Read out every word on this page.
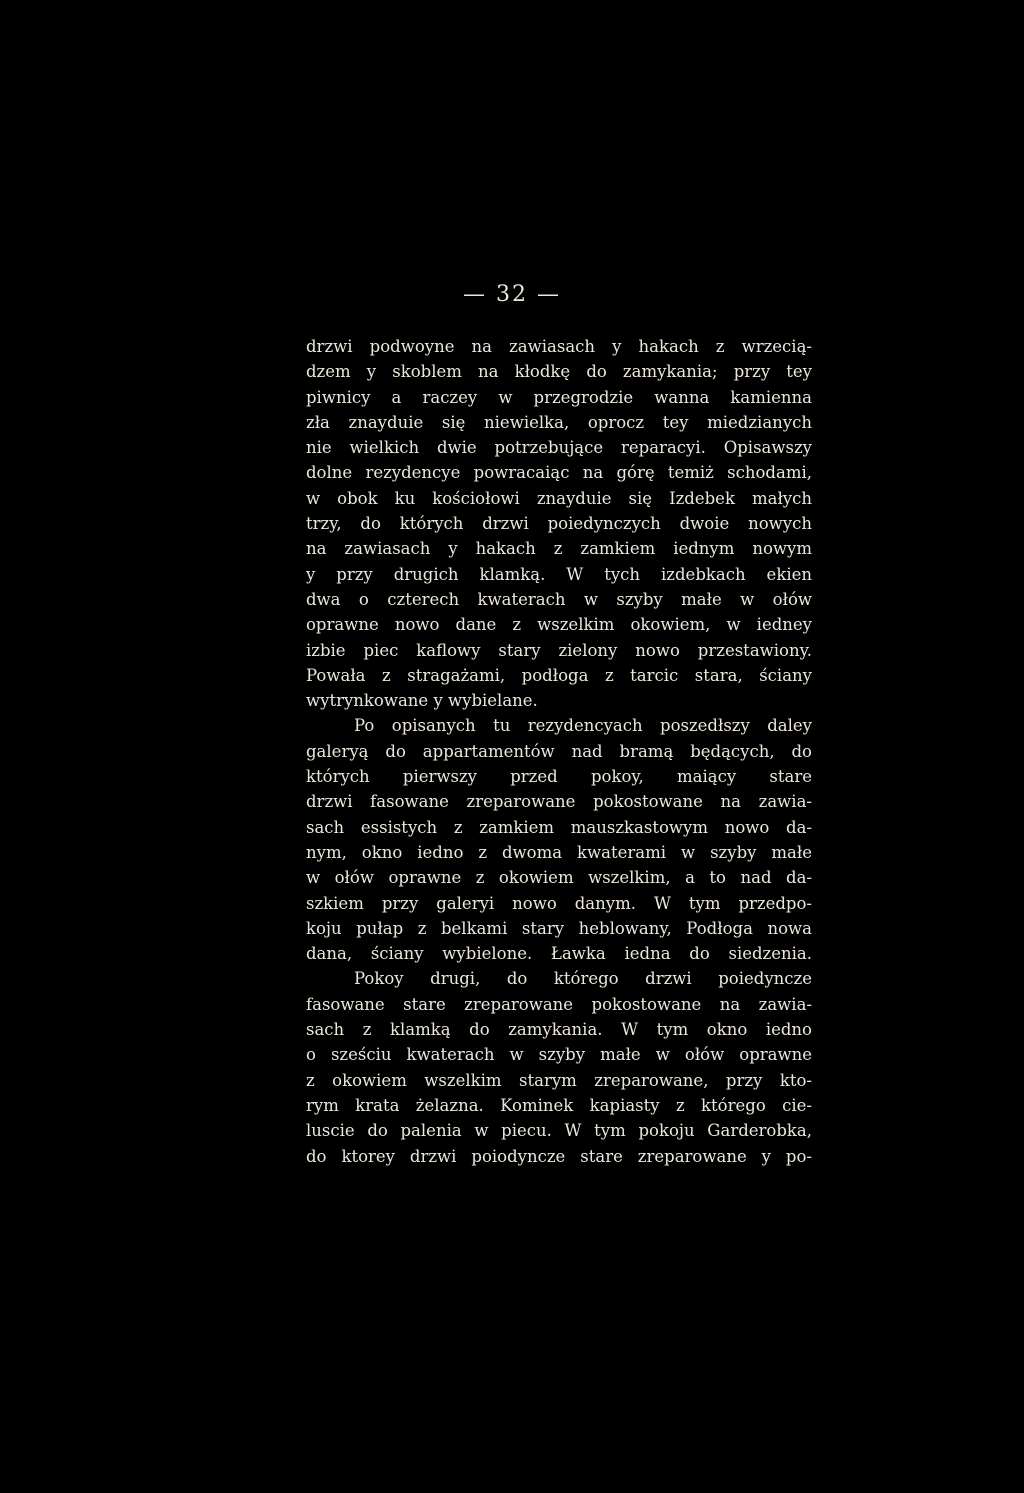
— 32 —
drzwi podwoyne na zawiasach y hakach z wrzecią-
dzem y skoblem na kłodkę do zamykania; przy tey
piwnicy a raczey w przegrodzie wanna kamienna
zła znayduie się niewielka, oprocz tey miedzianych
nie wielkich dwie potrzebujące reparacyi. Opisawszy
dolne rezydencye powracaiąc na górę temiż schodami,
w obok ku kościołowi znayduie się Izdebek małych
trzy, do których drzwi poiedynczych dwoie nowych
na zawiasach y hakach z zamkiem iednym nowym
y przy drugich klamką. W tych izdebkach ekien
dwa o czterech kwaterach w szyby małe w ołów
oprawne nowo dane z wszelkim okowiem, w iedney
izbie piec kaflowy stary zielony nowo przestawiony.
Powała z stragażami, podłoga z tarcic stara, ściany
wytrynkowane y wybielane.
Po opisanych tu rezydencyach poszedłszy daley
galeryą do appartamentów nad bramą będących, do
których pierwszy przed pokoy, maiący stare
drzwi fasowane zreparowane pokostowane na zawia-
sach essistych z zamkiem mauszkastowym nowo da-
nym, okno iedno z dwoma kwaterami w szyby małe
w ołów oprawne z okowiem wszelkim, a to nad da-
szkiem przy galeryi nowo danym. W tym przedpo-
koju pułap z belkami stary heblowany, Podłoga nowa
dana, ściany wybielone. Ławka iedna do siedzenia.
Pokoy drugi, do którego drzwi poiedyncze
fasowane stare zreparowane pokostowane na zawia-
sach z klamką do zamykania. W tym okno iedno
o sześciu kwaterach w szyby małe w ołów oprawne
z okowiem wszelkim starym zreparowane, przy kto-
rym krata żelazna. Kominek kapiasty z którego cie-
luscie do palenia w piecu. W tym pokoju Garderobka,
do ktorey drzwi poiodyncze stare zreparowane y po-
